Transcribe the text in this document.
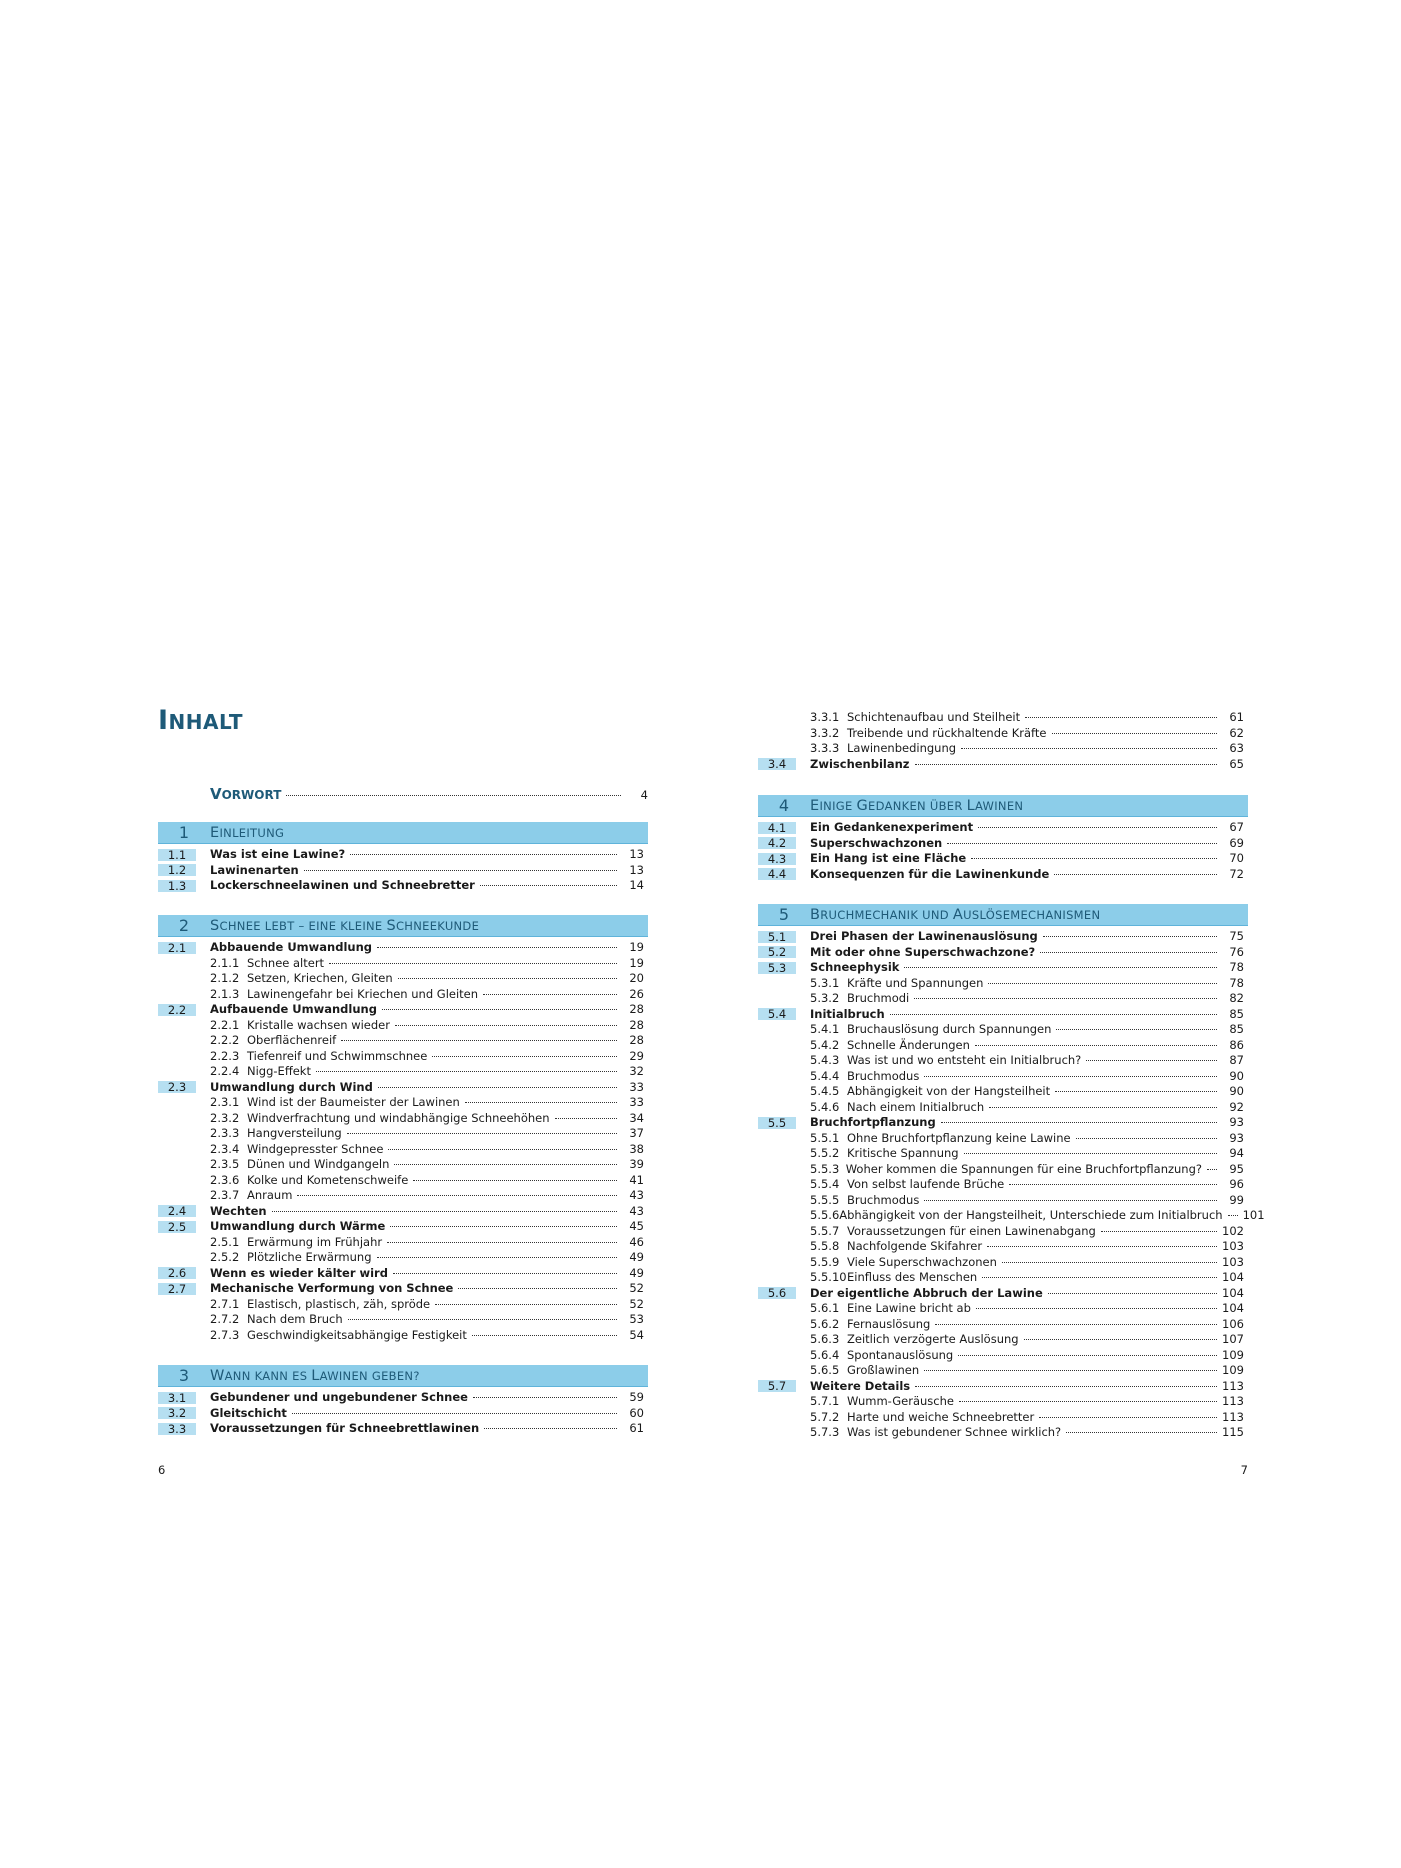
INHALT
VORWORT	4
1	EINLEITUNG
1.1	Was ist eine Lawine?	13
1.2	Lawinenarten	13
1.3	Lockerschneelawinen und Schneebretter	14
2	SCHNEE LEBT – EINE KLEINE SCHNEEKUNDE
2.1	Abbauende Umwandlung	19
2.1.1 Schnee altert	19
2.1.2 Setzen, Kriechen, Gleiten	20
2.1.3 Lawinengefahr bei Kriechen und Gleiten	26
2.2	Aufbauende Umwandlung	28
2.2.1 Kristalle wachsen wieder	28
2.2.2 Oberflächenreif	28
2.2.3 Tiefenreif und Schwimmschnee	29
2.2.4 Nigg-Effekt	32
2.3	Umwandlung durch Wind	33
2.3.1 Wind ist der Baumeister der Lawinen	33
2.3.2 Windverfrachtung und windabhängige Schneehöhen	34
2.3.3 Hangversteilung	37
2.3.4 Windgepresster Schnee	38
2.3.5 Dünen und Windgangeln	39
2.3.6 Kolke und Kometenschweife	41
2.3.7 Anraum	43
2.4	Wechten	43
2.5	Umwandlung durch Wärme	45
2.5.1 Erwärmung im Frühjahr	46
2.5.2 Plötzliche Erwärmung	49
2.6	Wenn es wieder kälter wird	49
2.7	Mechanische Verformung von Schnee	52
2.7.1 Elastisch, plastisch, zäh, spröde	52
2.7.2 Nach dem Bruch	53
2.7.3 Geschwindigkeitsabhängige Festigkeit	54
3	WANN KANN ES LAWINEN GEBEN?
3.1	Gebundener und ungebundener Schnee	59
3.2	Gleitschicht	60
3.3	Voraussetzungen für Schneebrettlawinen	61
6
3.3.1 Schichtenaufbau und Steilheit	61
3.3.2 Treibende und rückhaltende Kräfte	62
3.3.3 Lawinenbedingung	63
3.4	Zwischenbilanz	65
4	EINIGE GEDANKEN ÜBER LAWINEN
4.1	Ein Gedankenexperiment	67
4.2	Superschwachzonen	69
4.3	Ein Hang ist eine Fläche	70
4.4	Konsequenzen für die Lawinenkunde	72
5	BRUCHMECHANIK UND AUSLÖSEMECHANISMEN
5.1	Drei Phasen der Lawinenauslösung	75
5.2	Mit oder ohne Superschwachzone?	76
5.3	Schneephysik	78
5.3.1 Kräfte und Spannungen	78
5.3.2 Bruchmodi	82
5.4	Initialbruch	85
5.4.1 Bruchauslösung durch Spannungen	85
5.4.2 Schnelle Änderungen	86
5.4.3 Was ist und wo entsteht ein Initialbruch?	87
5.4.4 Bruchmodus	90
5.4.5 Abhängigkeit von der Hangsteilheit	90
5.4.6 Nach einem Initialbruch	92
5.5	Bruchfortpflanzung	93
5.5.1 Ohne Bruchfortpflanzung keine Lawine	93
5.5.2 Kritische Spannung	94
5.5.3 Woher kommen die Spannungen für eine Bruchfortpflanzung?	95
5.5.4 Von selbst laufende Brüche	96
5.5.5 Bruchmodus	99
5.5.6 Abhängigkeit von der Hangsteilheit, Unterschiede zum Initialbruch 101
5.5.7 Voraussetzungen für einen Lawinenabgang	102
5.5.8 Nachfolgende Skifahrer	103
5.5.9 Viele Superschwachzonen	103
5.5.10 Einfluss des Menschen	104
5.6	Der eigentliche Abbruch der Lawine	104
5.6.1 Eine Lawine bricht ab	104
5.6.2 Fernauslösung	106
5.6.3 Zeitlich verzögerte Auslösung	107
5.6.4 Spontanauslösung	109
5.6.5 Großlawinen	109
5.7	Weitere Details	113
5.7.1 Wumm-Geräusche	113
5.7.2 Harte und weiche Schneebretter	113
5.7.3 Was ist gebundener Schnee wirklich?	115
7
